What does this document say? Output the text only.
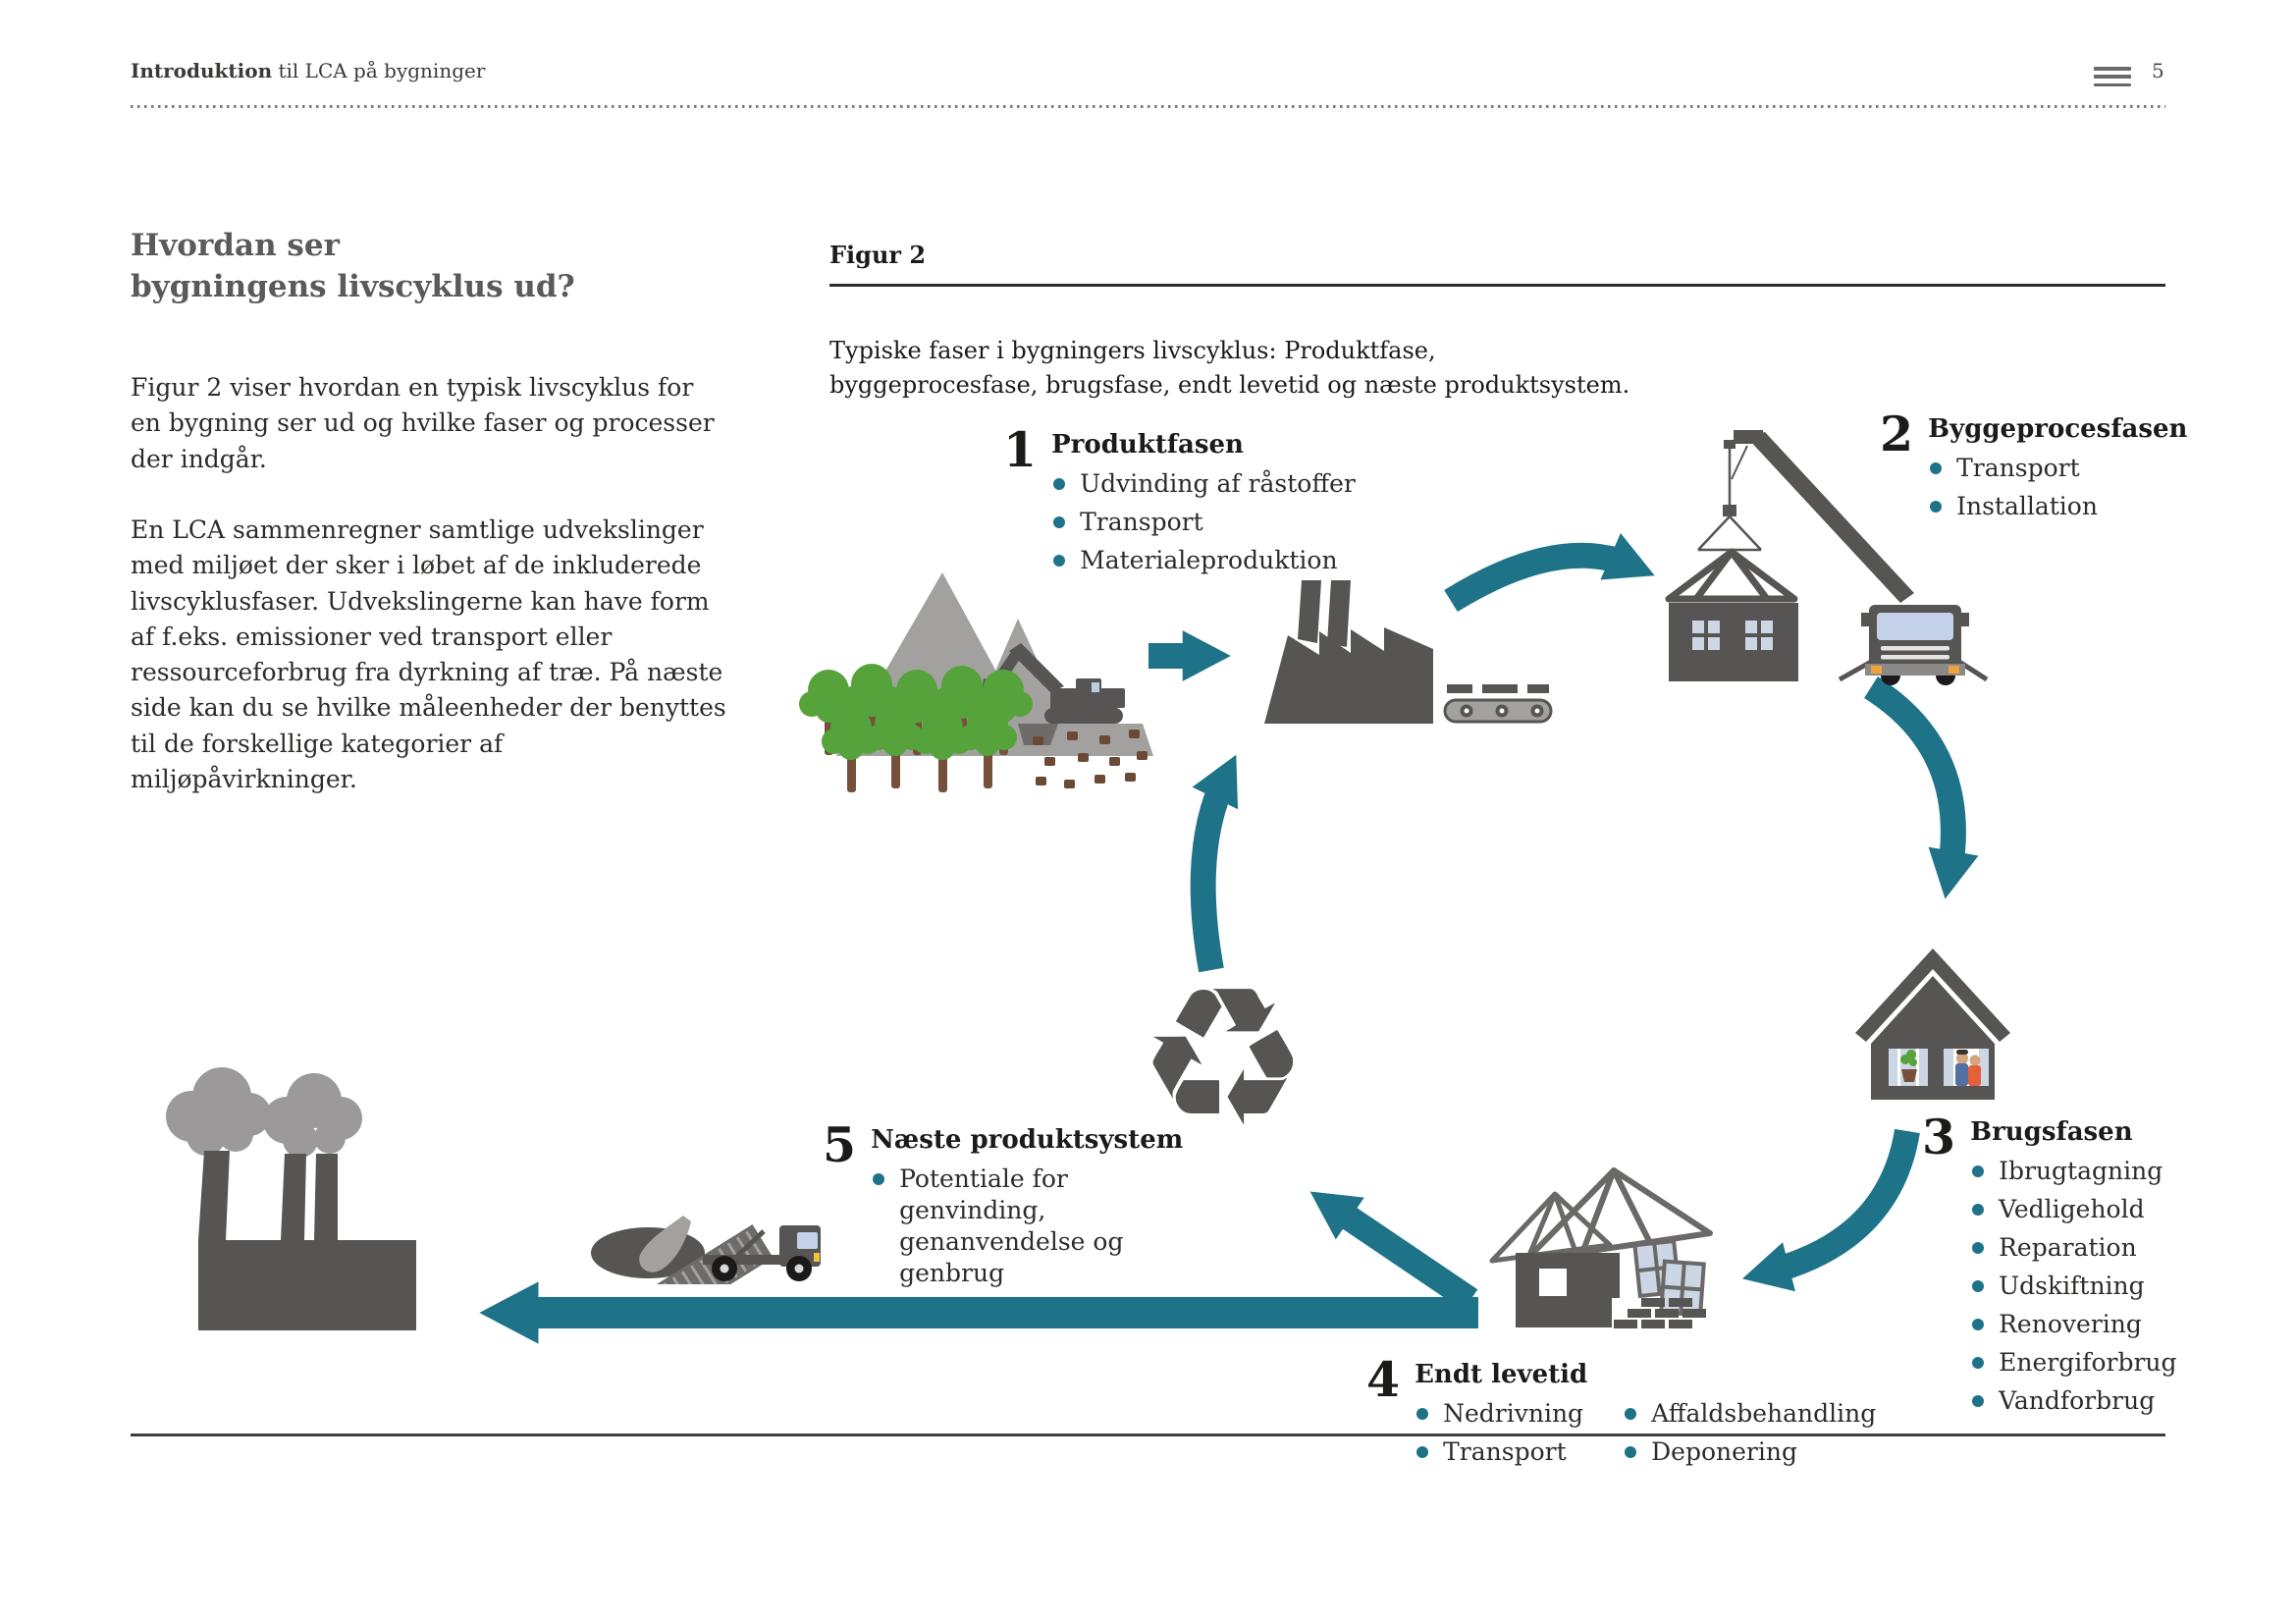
Introduktion til LCA på bygninger	5
Hvordan ser
bygningens livscyklus ud?

Figur 2 viser hvordan en typisk livscyklus for en bygning ser ud og hvilke faser og processer der indgår.

En LCA sammenregner samtlige udvekslinger med miljøet der sker i løbet af de inkluderede livscyklusfaser. Udvekslingerne kan have form af f.eks. emissioner ved transport eller ressourceforbrug fra dyrkning af træ. På næste side kan du se hvilke måleenheder der benyttes til de forskellige kategorier af miljøpåvirkninger.

Figur 2

Typiske faser i bygningers livscyklus: Produktfase, byggeprocesfase, brugsfase, endt levetid og næste produktsystem.

♻
1 Produktfasen
Udvinding af råstoffer
Transport
Materialeproduktion
2 Byggeprocesfasen
Transport
Installation
3 Brugsfasen
Ibrugtagning
Vedligehold
Reparation
Udskiftning
Renovering
Energiforbrug
Vandforbrug
4 Endt levetid
Nedrivning
Transport
Affaldsbehandling
Deponering
5 Næste produktsystem
Potentiale for genvinding, genanvendelse og genbrug
